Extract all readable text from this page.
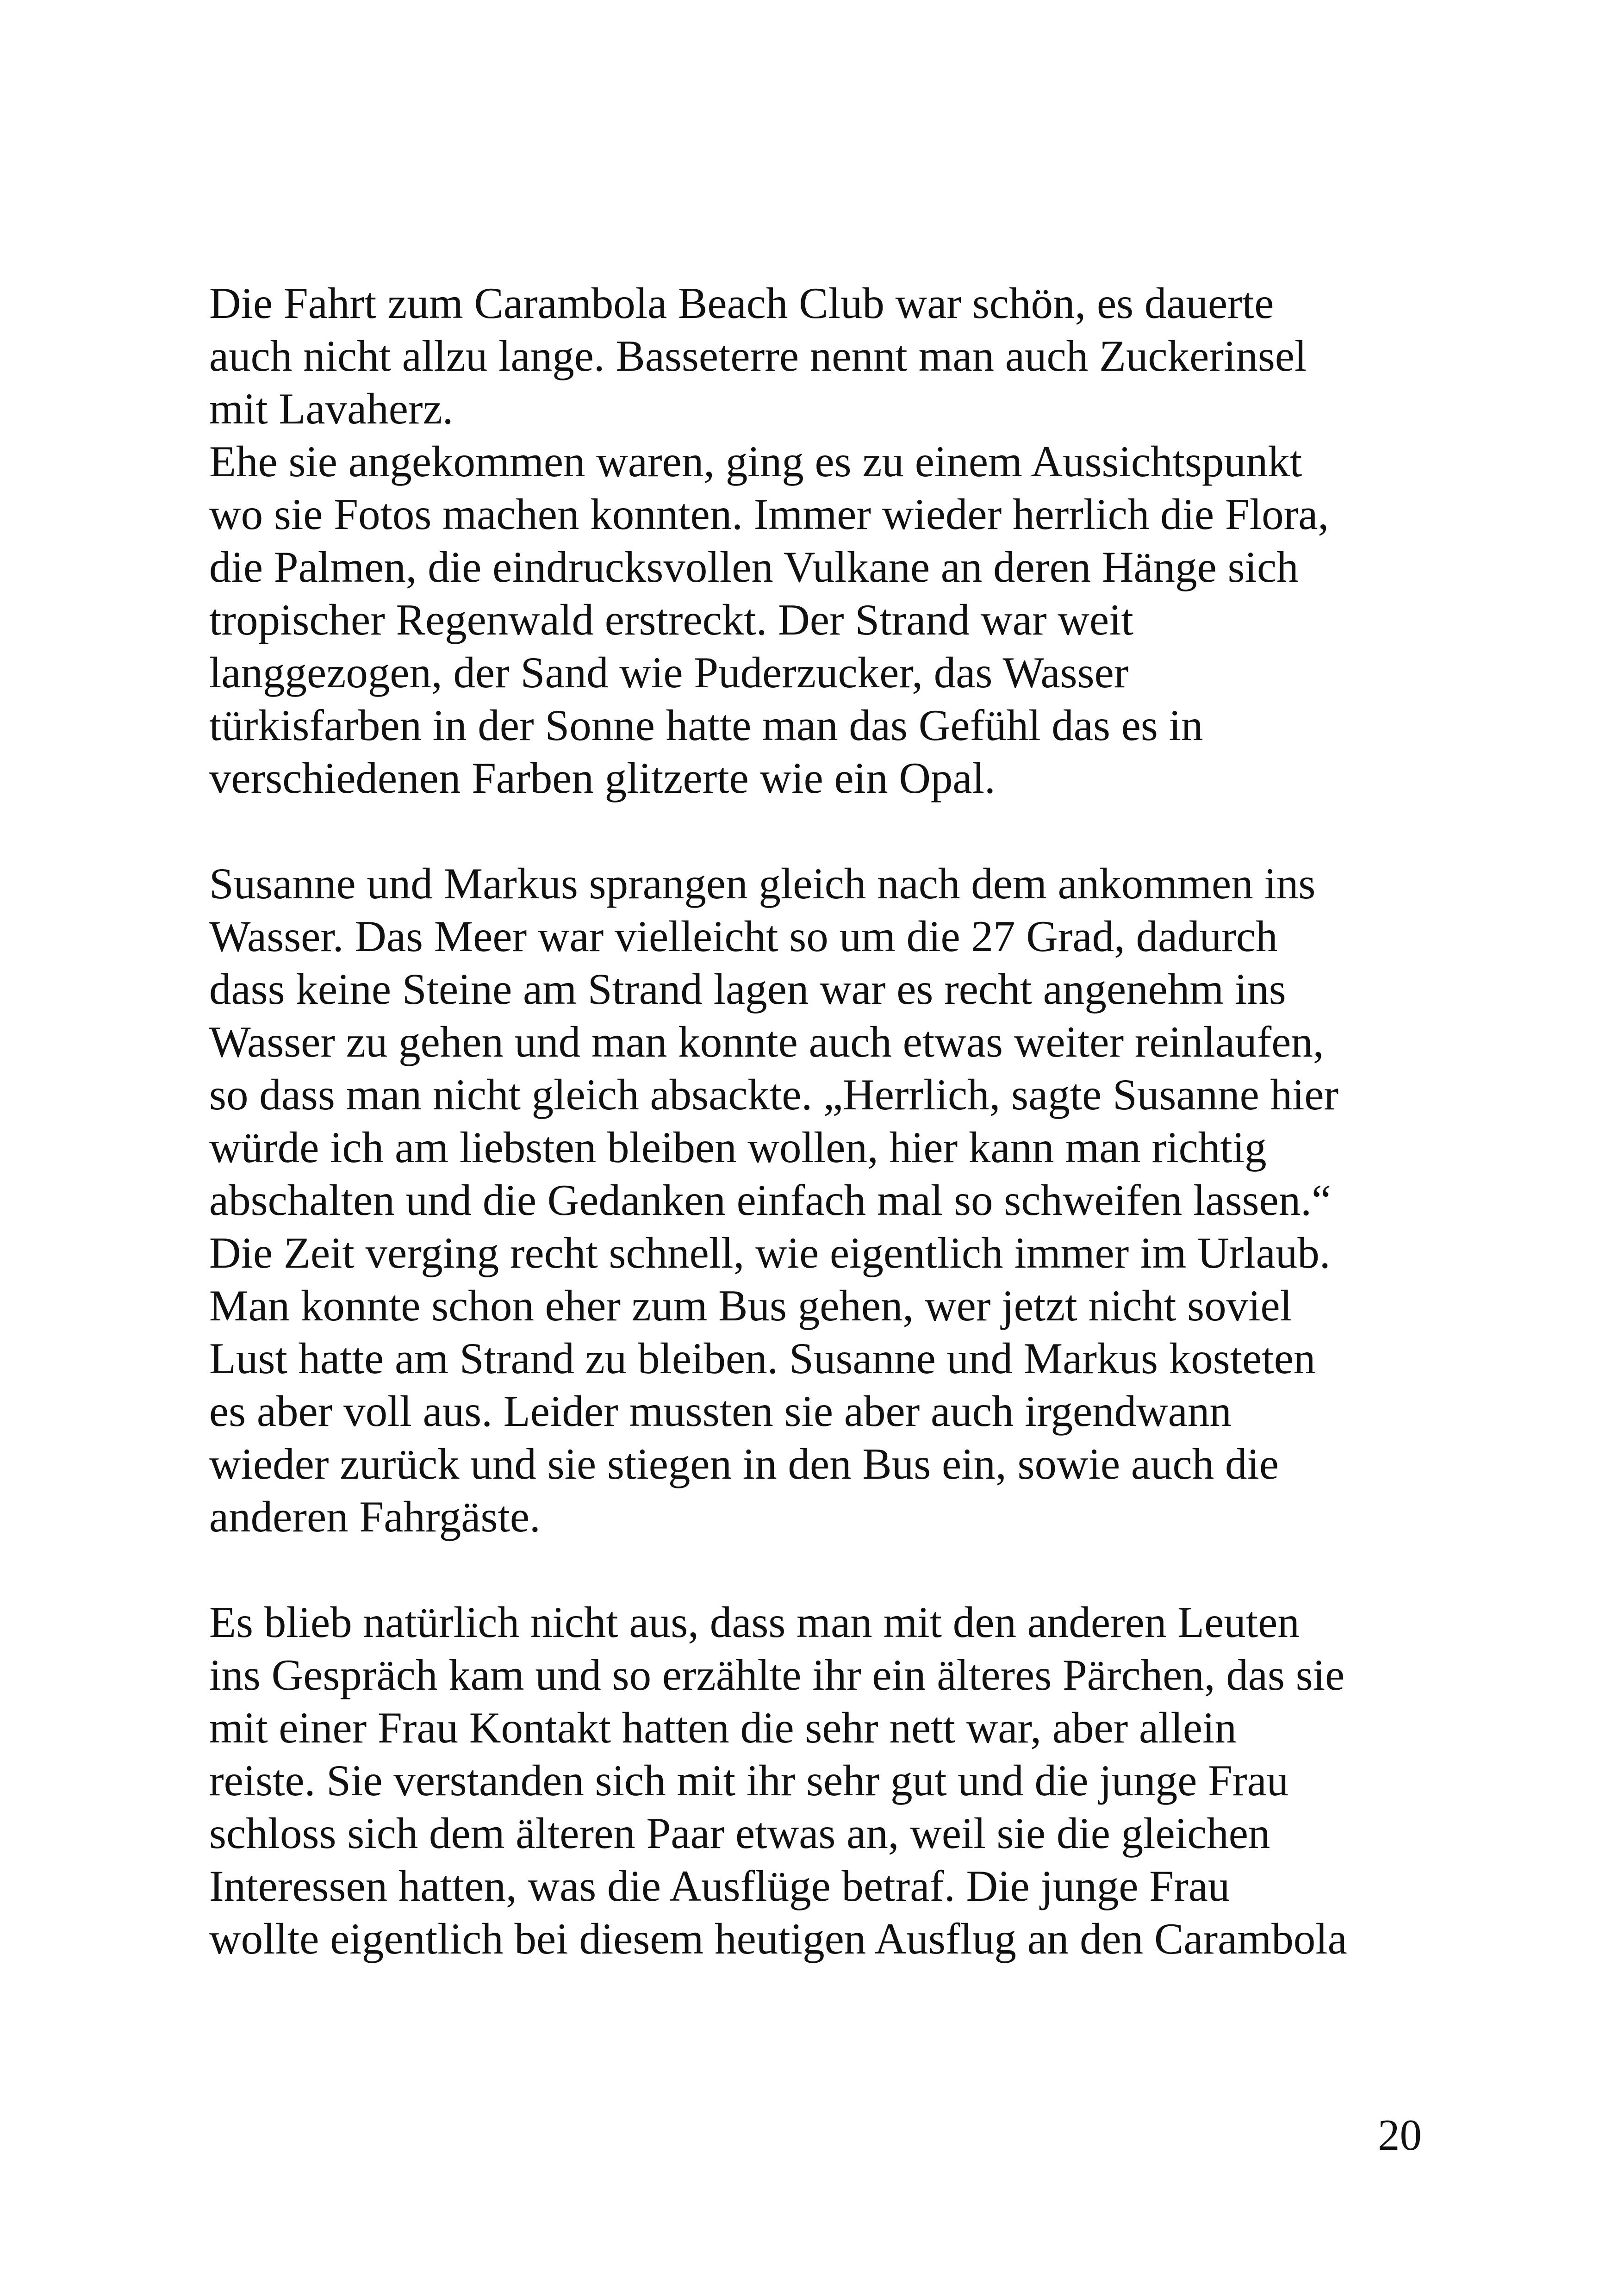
Die Fahrt zum Carambola Beach Club war schön, es dauerte
auch nicht allzu lange. Basseterre nennt man auch Zuckerinsel
mit Lavaherz.
Ehe sie angekommen waren, ging es zu einem Aussichtspunkt
wo sie Fotos machen konnten. Immer wieder herrlich die Flora,
die Palmen, die eindrucksvollen Vulkane an deren Hänge sich
tropischer Regenwald erstreckt. Der Strand war weit
langgezogen, der Sand wie Puderzucker, das Wasser
türkisfarben in der Sonne hatte man das Gefühl das es in
verschiedenen Farben glitzerte wie ein Opal.
Susanne und Markus sprangen gleich nach dem ankommen ins
Wasser. Das Meer war vielleicht so um die 27 Grad, dadurch
dass keine Steine am Strand lagen war es recht angenehm ins
Wasser zu gehen und man konnte auch etwas weiter reinlaufen,
so dass man nicht gleich absackte. „Herrlich, sagte Susanne hier
würde ich am liebsten bleiben wollen, hier kann man richtig
abschalten und die Gedanken einfach mal so schweifen lassen.“
Die Zeit verging recht schnell, wie eigentlich immer im Urlaub.
Man konnte schon eher zum Bus gehen, wer jetzt nicht soviel
Lust hatte am Strand zu bleiben. Susanne und Markus kosteten
es aber voll aus. Leider mussten sie aber auch irgendwann
wieder zurück und sie stiegen in den Bus ein, sowie auch die
anderen Fahrgäste.
Es blieb natürlich nicht aus, dass man mit den anderen Leuten
ins Gespräch kam und so erzählte ihr ein älteres Pärchen, das sie
mit einer Frau Kontakt hatten die sehr nett war, aber allein
reiste. Sie verstanden sich mit ihr sehr gut und die junge Frau
schloss sich dem älteren Paar etwas an, weil sie die gleichen
Interessen hatten, was die Ausflüge betraf. Die junge Frau
wollte eigentlich bei diesem heutigen Ausflug an den Carambola
20
